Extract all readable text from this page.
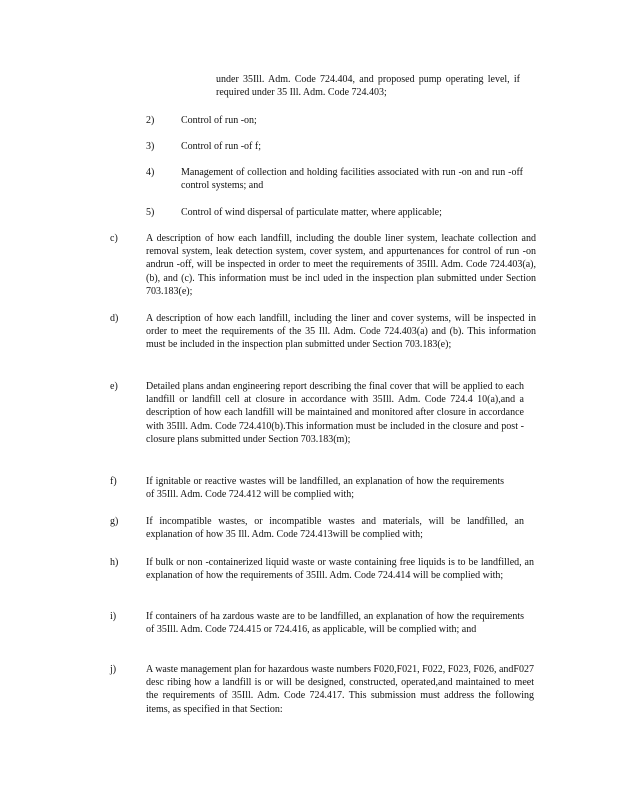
under 35Ill. Adm. Code 724.404, and proposed pump operating level, if required under 35 Ill. Adm. Code 724.403;

2)	Control of run -on;

3)	Control of run -of f;

4)	Management of collection and holding facilities associated with run -on and run -off control systems; and

5)	Control of wind dispersal of particulate matter, where applicable;

c)	A description of how each landfill, including the double liner system, leachate collection and removal system, leak detection system, cover system, and appurtenances for control of run -on andrun -off, will be inspected in order to meet the requirements of 35Ill. Adm. Code 724.403(a),(b), and (c). This information must be incl uded in the inspection plan submitted under Section 703.183(e);

d)	A description of how each landfill, including the liner and cover systems, will be inspected in order to meet the requirements of the 35 Ill. Adm. Code 724.403(a) and (b). This information must be included in the inspection plan submitted under Section 703.183(e);

e)	Detailed plans andan engineering report describing the final cover that will be applied to each landfill or landfill cell at closure in accordance with 35Ill. Adm. Code 724.4 10(a),and a description of how each landfill will be maintained and monitored after closure in accordance with 35Ill. Adm. Code 724.410(b).This information must be included in the closure and post -closure plans submitted under Section 703.183(m);

f)	If ignitable or reactive wastes will be landfilled, an explanation of how the requirements of 35Ill. Adm. Code 724.412 will be complied with;

g)	If incompatible wastes, or incompatible wastes and materials, will be landfilled, an explanation of how 35 Ill. Adm. Code 724.413will be complied with;

h)	If bulk or non -containerized liquid waste or waste containing free liquids is to be landfilled, an explanation of how the requirements of 35Ill. Adm. Code 724.414 will be complied with;

i)	If containers of ha zardous waste are to be landfilled, an explanation of how the requirements of 35Ill. Adm. Code 724.415 or 724.416, as applicable, will be complied with; and

j)	A waste management plan for hazardous waste numbers F020,F021, F022, F023, F026, andF027 desc ribing how a landfill is or will be designed, constructed, operated,and maintained to meet the requirements of 35Ill. Adm. Code 724.417. This submission must address the following items, as specified in that Section:
